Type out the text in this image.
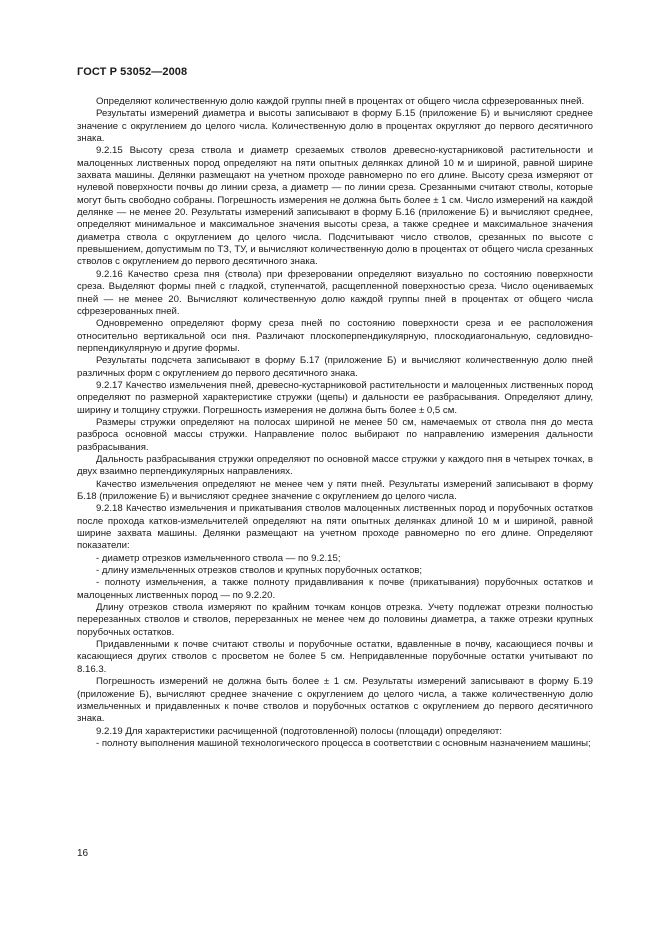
ГОСТ Р 53052—2008

Определяют количественную долю каждой группы пней в процентах от общего числа сфрезерованных пней.

Результаты измерений диаметра и высоты записывают в форму Б.15 (приложение Б) и вычисляют среднее значение с округлением до целого числа. Количественную долю в процентах округляют до первого десятичного знака.

9.2.15 Высоту среза ствола и диаметр срезаемых стволов древесно-кустарниковой растительности и малоценных лиственных пород определяют на пяти опытных делянках длиной 10 м и шириной, равной ширине захвата машины. Делянки размещают на учетном проходе равномерно по его длине. Высоту среза измеряют от нулевой поверхности почвы до линии среза, а диаметр — по линии среза. Срезанными считают стволы, которые могут быть свободно собраны. Погрешность измерения не должна быть более ± 1 см. Число измерений на каждой делянке — не менее 20. Результаты измерений записывают в форму Б.16 (приложение Б) и вычисляют среднее, определяют минимальное и максимальное значения высоты среза, а также среднее и максимальное значения диаметра ствола с округлением до целого числа. Подсчитывают число стволов, срезанных по высоте с превышением, допустимым по ТЗ, ТУ, и вычисляют количественную долю в процентах от общего числа срезанных стволов с округлением до первого десятичного знака.

9.2.16 Качество среза пня (ствола) при фрезеровании определяют визуально по состоянию поверхности среза. Выделяют формы пней с гладкой, ступенчатой, расщепленной поверхностью среза. Число оцениваемых пней — не менее 20. Вычисляют количественную долю каждой группы пней в процентах от общего числа сфрезерованных пней.

Одновременно определяют форму среза пней по состоянию поверхности среза и ее расположения относительно вертикальной оси пня. Различают плоскоперпендикулярную, плоскодиагональную, седловидно-перпендикулярную и другие формы.

Результаты подсчета записывают в форму Б.17 (приложение Б) и вычисляют количественную долю пней различных форм с округлением до первого десятичного знака.

9.2.17 Качество измельчения пней, древесно-кустарниковой растительности и малоценных лиственных пород определяют по размерной характеристике стружки (щепы) и дальности ее разбрасывания. Определяют длину, ширину и толщину стружки. Погрешность измерения не должна быть более ± 0,5 см.

Размеры стружки определяют на полосах шириной не менее 50 см, намечаемых от ствола пня до места разброса основной массы стружки. Направление полос выбирают по направлению измерения дальности разбрасывания.

Дальность разбрасывания стружки определяют по основной массе стружки у каждого пня в четырех точках, в двух взаимно перпендикулярных направлениях.

Качество измельчения определяют не менее чем у пяти пней. Результаты измерений записывают в форму Б.18 (приложение Б) и вычисляют среднее значение с округлением до целого числа.

9.2.18 Качество измельчения и прикатывания стволов малоценных лиственных пород и порубочных остатков после прохода катков-измельчителей определяют на пяти опытных делянках длиной 10 м и шириной, равной ширине захвата машины. Делянки размещают на учетном проходе равномерно по его длине. Определяют показатели:

- диаметр отрезков измельченного ствола — по 9.2.15;

- длину измельченных отрезков стволов и крупных порубочных остатков;

- полноту измельчения, а также полноту придавливания к почве (прикатывания) порубочных остатков и малоценных лиственных пород — по 9.2.20.

Длину отрезков ствола измеряют по крайним точкам концов отрезка. Учету подлежат отрезки полностью перерезанных стволов и стволов, перерезанных не менее чем до половины диаметра, а также отрезки крупных порубочных остатков.

Придавленными к почве считают стволы и порубочные остатки, вдавленные в почву, касающиеся почвы и касающиеся других стволов с просветом не более 5 см. Непридавленные порубочные остатки учитывают по 8.16.3.

Погрешность измерений не должна быть более ± 1 см. Результаты измерений записывают в форму Б.19 (приложение Б), вычисляют среднее значение с округлением до целого числа, а также количественную долю измельченных и придавленных к почве стволов и порубочных остатков с округлением до первого десятичного знака.

9.2.19 Для характеристики расчищенной (подготовленной) полосы (площади) определяют:

- полноту выполнения машиной технологического процесса в соответствии с основным назначением машины;

16
